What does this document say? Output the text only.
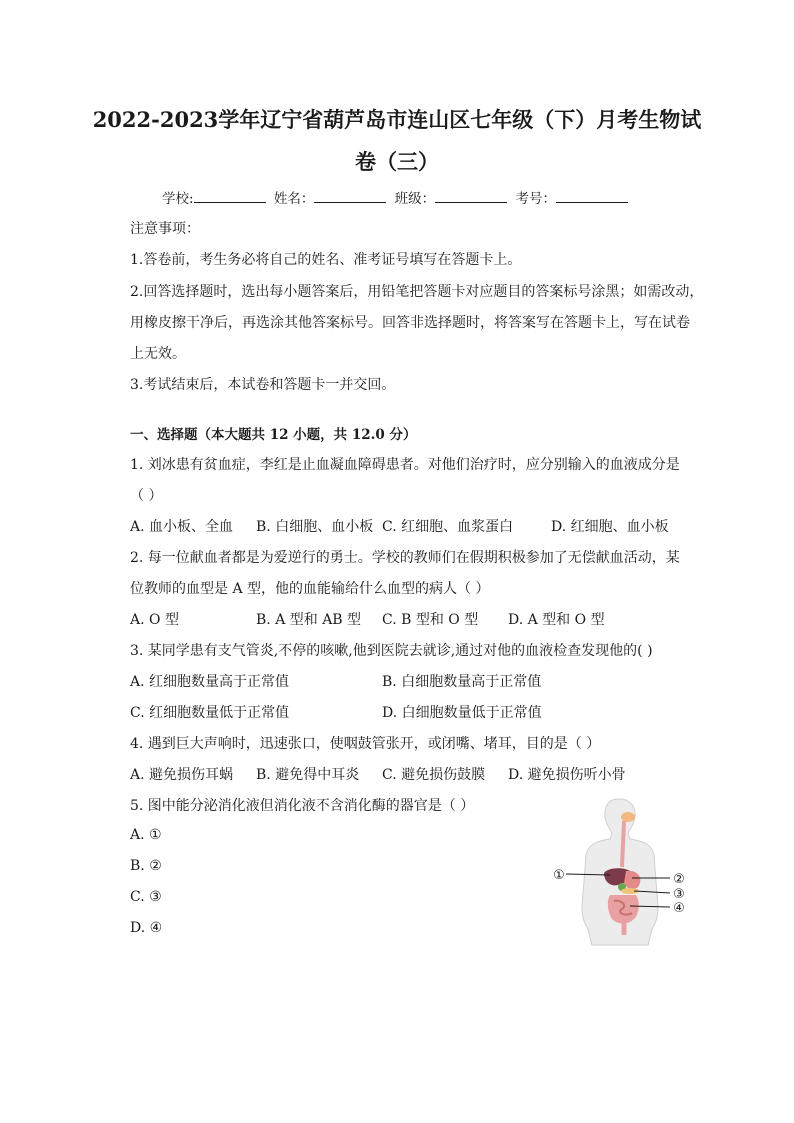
2022-2023学年辽宁省葫芦岛市连山区七年级（下）月考生物试
卷（三）
学校:	姓名：	班级：	考号：
注意事项：
1.答卷前，考生务必将自己的姓名、准考证号填写在答题卡上。
2.回答选择题时，选出每小题答案后，用铅笔把答题卡对应题目的答案标号涂黑；如需改动，
用橡皮擦干净后，再选涂其他答案标号。回答非选择题时，将答案写在答题卡上，写在试卷
上无效。
3.考试结束后，本试卷和答题卡一并交回。
一、选择题（本大题共 12 小题，共 12.0 分）
1. 刘冰患有贫血症，李红是止血凝血障碍患者。对他们治疗时，应分别输入的血液成分是
（ ）
A. 血小板、全血 B. 白细胞、血小板 C. 红细胞、血浆蛋白	D. 红细胞、血小板
2. 每一位献血者都是为爱逆行的勇士。学校的教师们在假期积极参加了无偿献血活动，某
位教师的血型是 A 型，他的血能输给什么血型的病人（ ）
A. O 型	B. A 型和 AB 型 C. B 型和 O 型 D. A 型和 O 型
3. 某同学患有支气管炎,不停的咳嗽,他到医院去就诊,通过对他的血液检查发现他的( )
A. 红细胞数量高于正常值	B. 白细胞数量高于正常值
C. 红细胞数量低于正常值	D. 白细胞数量低于正常值
4. 遇到巨大声响时，迅速张口，使咽鼓管张开，或闭嘴、堵耳，目的是（ ）
A. 避免损伤耳蜗 B. 避免得中耳炎 C. 避免损伤鼓膜 D. 避免损伤听小骨
5. 图中能分泌消化液但消化液不含消化酶的器官是（ ）
A. ①
B. ②
C. ③
D. ④
①	②
③
④
